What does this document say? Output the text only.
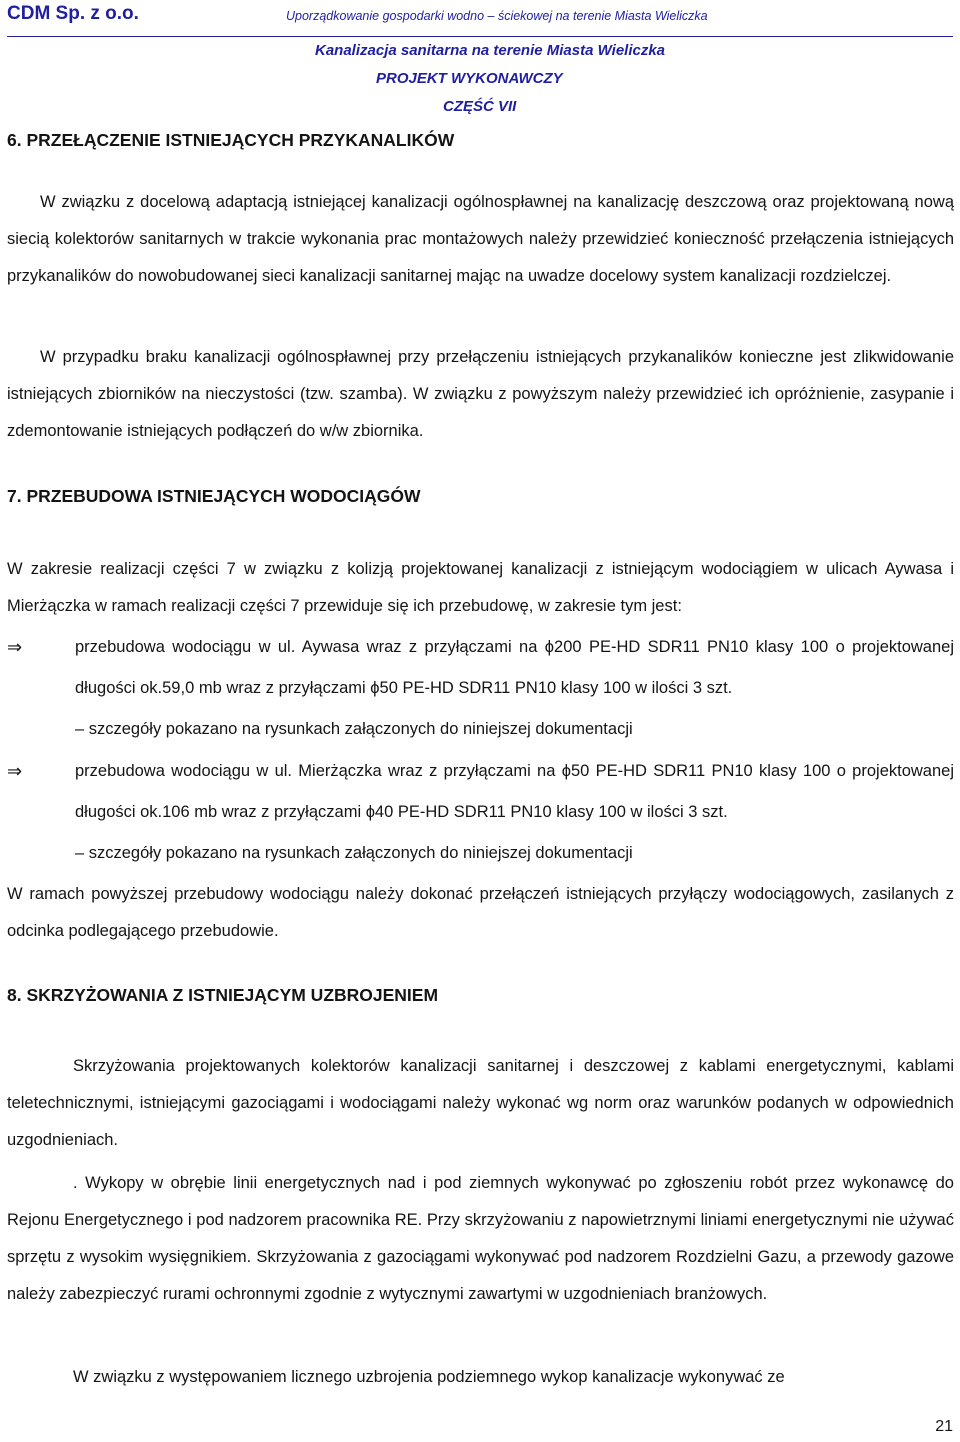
CDM Sp. z o.o.	Uporządkowanie gospodarki wodno – ściekowej na terenie Miasta Wieliczka
Kanalizacja sanitarna na terenie Miasta Wieliczka
PROJEKT WYKONAWCZY
CZĘŚĆ VII
6. PRZEŁĄCZENIE ISTNIEJĄCYCH PRZYKANALIKÓW
W związku z docelową adaptacją istniejącej kanalizacji ogólnospławnej na kanalizację deszczową oraz projektowaną nową siecią kolektorów sanitarnych w trakcie wykonania prac montażowych należy przewidzieć konieczność przełączenia istniejących przykanalików do nowobudowanej sieci kanalizacji sanitarnej mając na uwadze docelowy system kanalizacji rozdzielczej.
W przypadku braku kanalizacji ogólnospławnej przy przełączeniu istniejących przykanalików konieczne jest zlikwidowanie istniejących zbiorników na nieczystości (tzw. szamba). W związku z powyższym należy przewidzieć ich opróżnienie, zasypanie i zdemontowanie istniejących podłączeń do w/w zbiornika.
7. PRZEBUDOWA ISTNIEJĄCYCH WODOCIĄGÓW
W zakresie realizacji części 7 w związku z kolizją projektowanej kanalizacji z istniejącym wodociągiem w ulicach Aywasa i Mierżączka w ramach realizacji części 7 przewiduje się ich przebudowę, w zakresie tym jest:
⇒	przebudowa wodociągu w ul. Aywasa wraz z przyłączami na ϕ200 PE-HD SDR11 PN10 klasy 100 o projektowanej długości ok.59,0 mb wraz z przyłączami ϕ50 PE-HD SDR11 PN10 klasy 100 w ilości 3 szt.
– szczegóły pokazano na rysunkach załączonych do niniejszej dokumentacji
⇒	przebudowa wodociągu w ul. Mierżączka wraz z przyłączami na ϕ50 PE-HD SDR11 PN10 klasy 100 o projektowanej długości ok.106 mb wraz z przyłączami ϕ40 PE-HD SDR11 PN10 klasy 100 w ilości 3 szt.
– szczegóły pokazano na rysunkach załączonych do niniejszej dokumentacji
W ramach powyższej przebudowy wodociągu należy dokonać przełączeń istniejących przyłączy wodociągowych, zasilanych z odcinka podlegającego przebudowie.
8. SKRZYŻOWANIA Z ISTNIEJĄCYM UZBROJENIEM
Skrzyżowania projektowanych kolektorów kanalizacji sanitarnej i deszczowej z kablami energetycznymi, kablami teletechnicznymi, istniejącymi gazociągami i wodociągami należy wykonać wg norm oraz warunków podanych w odpowiednich uzgodnieniach.
. Wykopy w obrębie linii energetycznych nad i pod ziemnych wykonywać po zgłoszeniu robót przez wykonawcę do Rejonu Energetycznego i pod nadzorem pracownika RE. Przy skrzyżowaniu z napowietrznymi liniami energetycznymi nie używać sprzętu z wysokim wysięgnikiem. Skrzyżowania z gazociągami wykonywać pod nadzorem Rozdzielni Gazu, a przewody gazowe należy zabezpieczyć rurami ochronnymi zgodnie z wytycznymi zawartymi w uzgodnieniach branżowych.
W związku z występowaniem licznego uzbrojenia podziemnego wykop kanalizacje wykonywać ze
21
